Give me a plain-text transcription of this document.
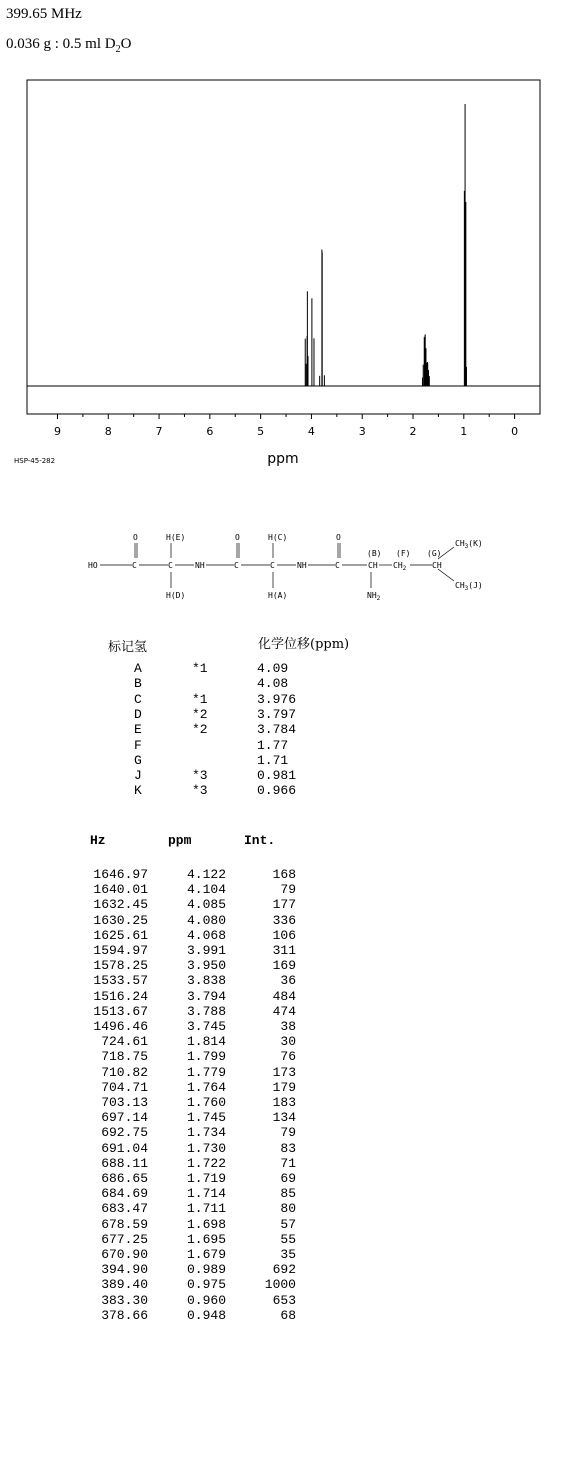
399.65 MHz
0.036 g : 0.5 ml $D_2O$
9	8	7	6	5	4	3	2	1	0
ppm
HSP-45-282
O	O	O
H(E)	H(C)
HO	C	C	NH	C	C	NH	C	CH $CH_2$	CH
(B) (F) (G)
$CH_3(K)$
$CH_3(J)$
H(D)	H(A)	$NH_2$
标记氢	化学位移(ppm)
A	*1	4.09
B	4.08
C	*1	3.976
D	*2	3.797
E	*2	3.784
F	1.77
G	1.71
J	*3	0.981
K	*3	0.966
Hz	ppm	Int.
1646.97	4.122	168
1640.01	4.104	79
1632.45	4.085	177
1630.25	4.080	336
1625.61	4.068	106
1594.97	3.991	311
1578.25	3.950	169
1533.57	3.838	36
1516.24	3.794	484
1513.67	3.788	474
1496.46	3.745	38
724.61	1.814	30
718.75	1.799	76
710.82	1.779	173
704.71	1.764	179
703.13	1.760	183
697.14	1.745	134
692.75	1.734	79
691.04	1.730	83
688.11	1.722	71
686.65	1.719	69
684.69	1.714	85
683.47	1.711	80
678.59	1.698	57
677.25	1.695	55
670.90	1.679	35
394.90	0.989	692
389.40	0.975	1000
383.30	0.960	653
378.66	0.948	68
